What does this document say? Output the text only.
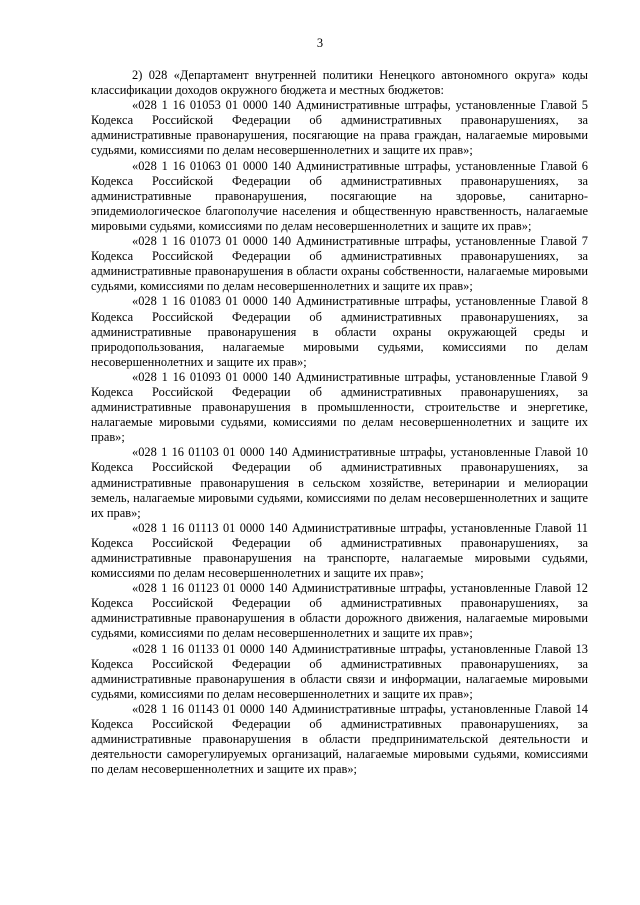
3

2) 028 «Департамент внутренней политики Ненецкого автономного округа» коды классификации доходов окружного бюджета и местных бюджетов:

«028 1 16 01053 01 0000 140 Административные штрафы, установленные Главой 5 Кодекса Российской Федерации об административных правонарушениях, за административные правонарушения, посягающие на права граждан, налагаемые мировыми судьями, комиссиями по делам несовершеннолетних и защите их прав»;

«028 1 16 01063 01 0000 140 Административные штрафы, установленные Главой 6 Кодекса Российской Федерации об административных правонарушениях, за административные правонарушения, посягающие на здоровье, санитарно-эпидемиологическое благополучие населения и общественную нравственность, налагаемые мировыми судьями, комиссиями по делам несовершеннолетних и защите их прав»;

«028 1 16 01073 01 0000 140 Административные штрафы, установленные Главой 7 Кодекса Российской Федерации об административных правонарушениях, за административные правонарушения в области охраны собственности, налагаемые мировыми судьями, комиссиями по делам несовершеннолетних и защите их прав»;

«028 1 16 01083 01 0000 140 Административные штрафы, установленные Главой 8 Кодекса Российской Федерации об административных правонарушениях, за административные правонарушения в области охраны окружающей среды и природопользования, налагаемые мировыми судьями, комиссиями по делам несовершеннолетних и защите их прав»;

«028 1 16 01093 01 0000 140 Административные штрафы, установленные Главой 9 Кодекса Российской Федерации об административных правонарушениях, за административные правонарушения в промышленности, строительстве и энергетике, налагаемые мировыми судьями, комиссиями по делам несовершеннолетних и защите их прав»;

«028 1 16 01103 01 0000 140 Административные штрафы, установленные Главой 10 Кодекса Российской Федерации об административных правонарушениях, за административные правонарушения в сельском хозяйстве, ветеринарии и мелиорации земель, налагаемые мировыми судьями, комиссиями по делам несовершеннолетних и защите их прав»;

«028 1 16 01113 01 0000 140 Административные штрафы, установленные Главой 11 Кодекса Российской Федерации об административных правонарушениях, за административные правонарушения на транспорте, налагаемые мировыми судьями, комиссиями по делам несовершеннолетних и защите их прав»;

«028 1 16 01123 01 0000 140 Административные штрафы, установленные Главой 12 Кодекса Российской Федерации об административных правонарушениях, за административные правонарушения в области дорожного движения, налагаемые мировыми судьями, комиссиями по делам несовершеннолетних и защите их прав»;

«028 1 16 01133 01 0000 140 Административные штрафы, установленные Главой 13 Кодекса Российской Федерации об административных правонарушениях, за административные правонарушения в области связи и информации, налагаемые мировыми судьями, комиссиями по делам несовершеннолетних и защите их прав»;

«028 1 16 01143 01 0000 140 Административные штрафы, установленные Главой 14 Кодекса Российской Федерации об административных правонарушениях, за административные правонарушения в области предпринимательской деятельности и деятельности саморегулируемых организаций, налагаемые мировыми судьями, комиссиями по делам несовершеннолетних и защите их прав»;
